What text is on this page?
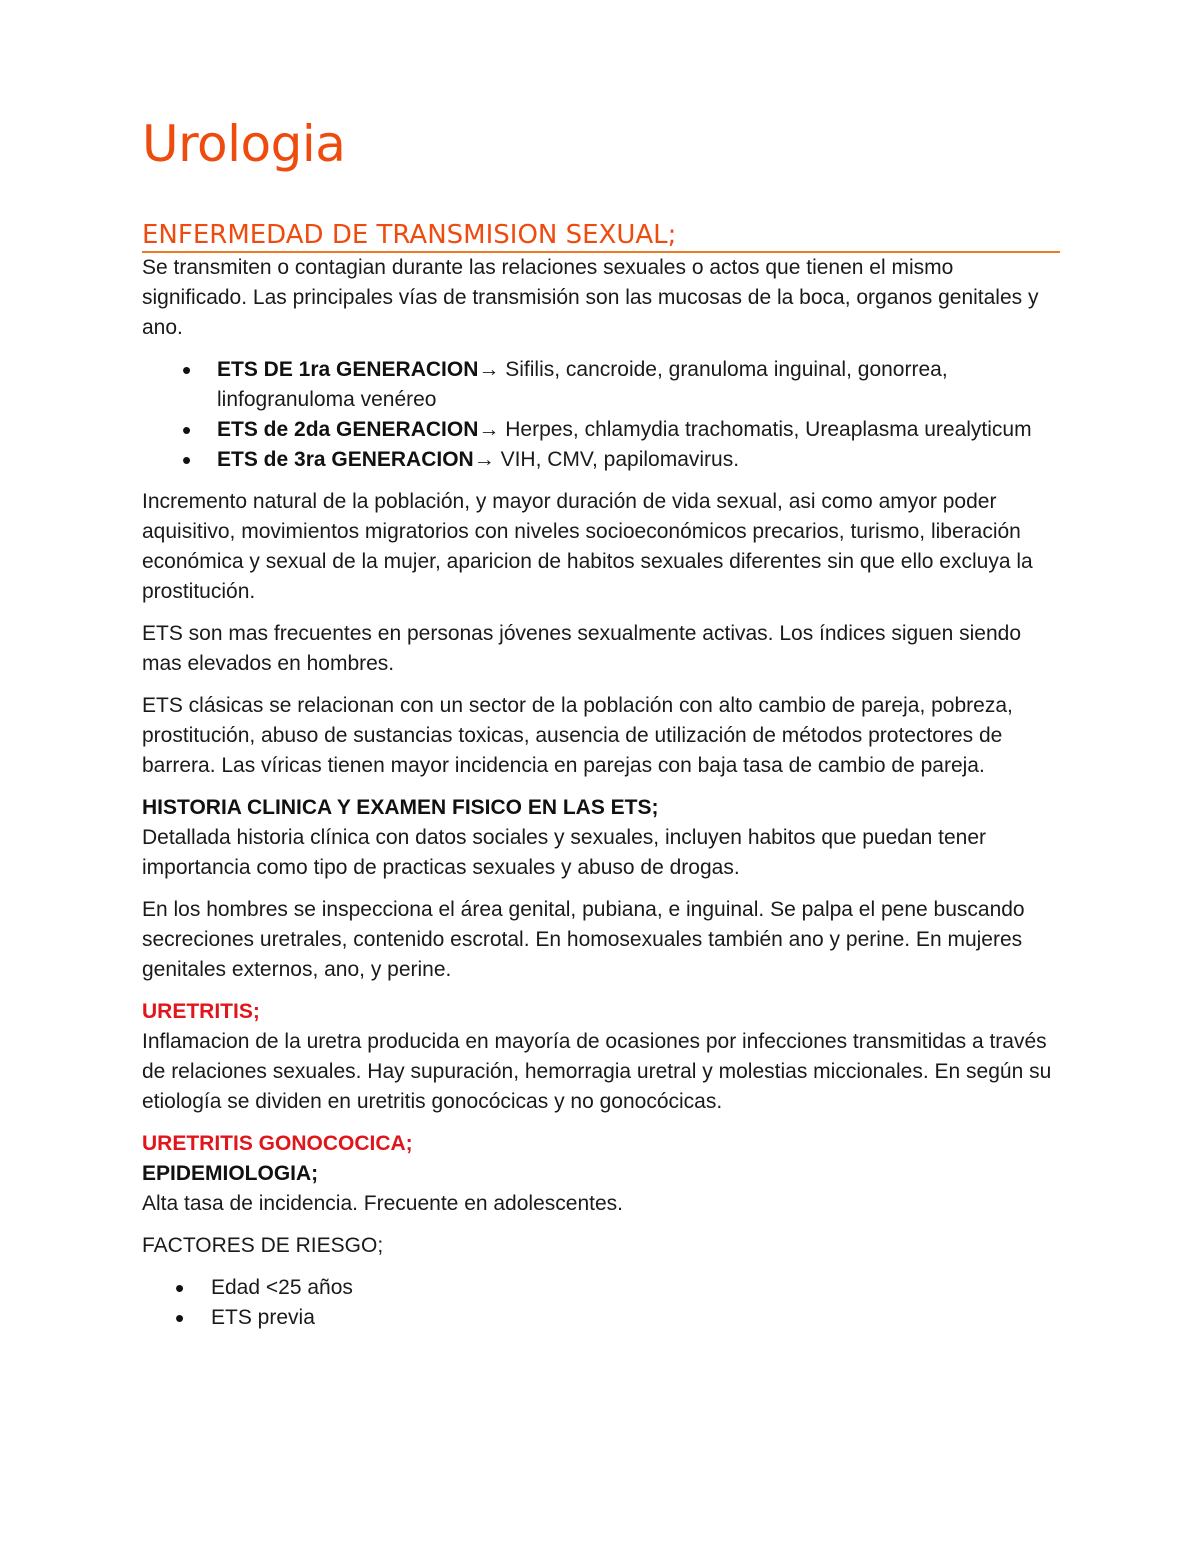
Urologia
ENFERMEDAD DE TRANSMISION SEXUAL;

Se transmiten o contagian durante las relaciones sexuales o actos que tienen el mismo significado. Las principales vías de transmisión son las mucosas de la boca, organos genitales y ano.

• ETS DE 1ra GENERACION→ Sifilis, cancroide, granuloma inguinal, gonorrea, linfogranuloma venéreo
• ETS de 2da GENERACION→ Herpes, chlamydia trachomatis, Ureaplasma urealyticum
• ETS de 3ra GENERACION→ VIH, CMV, papilomavirus.

Incremento natural de la población, y mayor duración de vida sexual, asi como amyor poder aquisitivo, movimientos migratorios con niveles socioeconómicos precarios, turismo, liberación económica y sexual de la mujer, aparicion de habitos sexuales diferentes sin que ello excluya la prostitución.

ETS son mas frecuentes en personas jóvenes sexualmente activas. Los índices siguen siendo mas elevados en hombres.

ETS clásicas se relacionan con un sector de la población con alto cambio de pareja, pobreza, prostitución, abuso de sustancias toxicas, ausencia de utilización de métodos protectores de barrera. Las víricas tienen mayor incidencia en parejas con baja tasa de cambio de pareja.

HISTORIA CLINICA Y EXAMEN FISICO EN LAS ETS;

Detallada historia clínica con datos sociales y sexuales, incluyen habitos que puedan tener importancia como tipo de practicas sexuales y abuso de drogas.

En los hombres se inspecciona el área genital, pubiana, e inguinal. Se palpa el pene buscando secreciones uretrales, contenido escrotal. En homosexuales también ano y perine. En mujeres genitales externos, ano, y perine.

URETRITIS;

Inflamacion de la uretra producida en mayoría de ocasiones por infecciones transmitidas a través de relaciones sexuales. Hay supuración, hemorragia uretral y molestias miccionales. En según su etiología se dividen en uretritis gonocócicas y no gonocócicas.

URETRITIS GONOCOCICA;

EPIDEMIOLOGIA;

Alta tasa de incidencia. Frecuente en adolescentes.

FACTORES DE RIESGO;

• Edad <25 años
• ETS previa
